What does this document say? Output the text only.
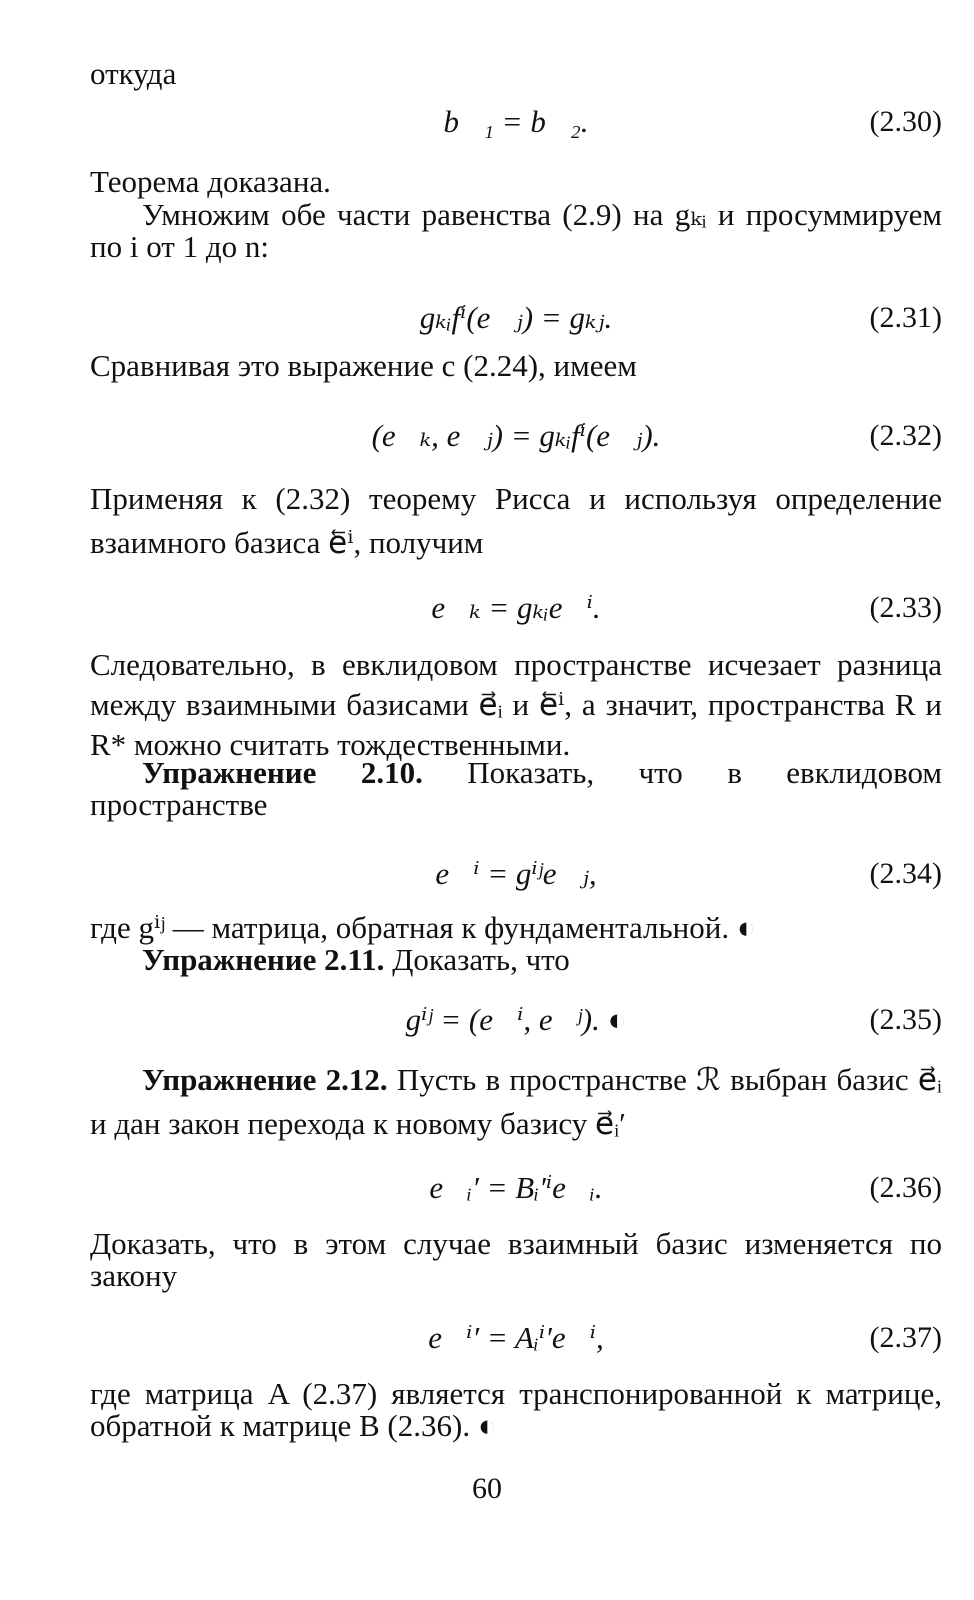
откуда

b⃗₁ = b⃗₂.	(2.30)

Теорема доказана.

Умножим обе части равенства (2.9) на gₖᵢ и просуммируем по i от 1 до n:

gₖᵢfⁱ(e⃗ⱼ) = gₖⱼ.	(2.31)

Сравнивая это выражение с (2.24), имеем

(e⃗ₖ, e⃗ⱼ) = gₖᵢfⁱ(e⃗ⱼ).	(2.32)

Применяя к (2.32) теорему Рисса и используя определение взаимного базиса e⃖ⁱ, получим

e⃗ₖ = gₖᵢe⃖ⁱ.	(2.33)

Следовательно, в евклидовом пространстве исчезает разница между взаимными базисами e⃗ᵢ и e⃖ⁱ, а значит, пространства R и R* можно считать тождественными.

Упражнение 2.10. Показать, что в евклидовом пространстве

e⃖ⁱ = gⁱʲe⃗ⱼ,	(2.34)

где gⁱʲ — матрица, обратная к фундаментальной. ◐

Упражнение 2.11. Доказать, что

gⁱʲ = (e⃖ⁱ, e⃖ʲ). ◐	(2.35)

Упражнение 2.12. Пусть в пространстве ℛ выбран базис e⃗ᵢ и дан закон перехода к новому базису e⃗ᵢ′

e⃗ᵢ′ = Bᵢ′ⁱe⃗ᵢ.	(2.36)

Доказать, что в этом случае взаимный базис изменяется по закону

e⃖ⁱ′ = Aᵢⁱ′e⃖ⁱ,	(2.37)

где матрица A (2.37) является транспонированной к матрице, обратной к матрице B (2.36). ◐

60
